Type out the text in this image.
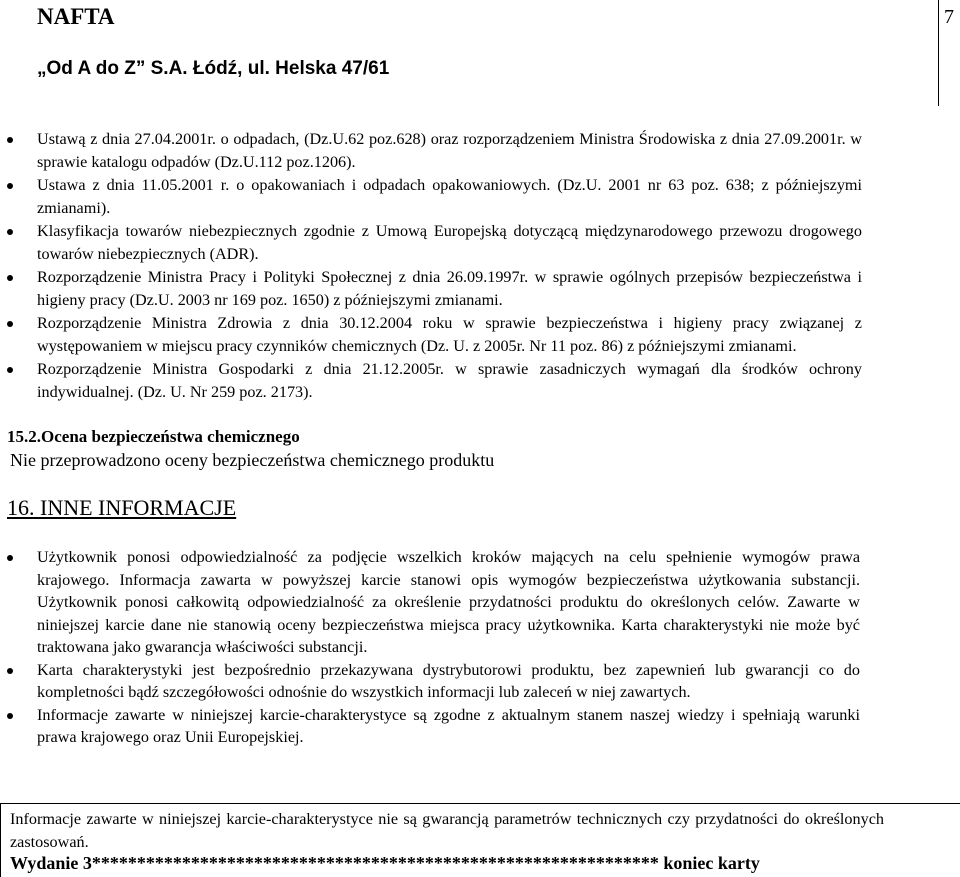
NAFTA
„Od A do Z” S.A. Łódź, ul. Helska 47/61
7
Ustawą z dnia 27.04.2001r. o odpadach, (Dz.U.62 poz.628) oraz rozporządzeniem Ministra Środowiska z dnia 27.09.2001r. w sprawie katalogu odpadów (Dz.U.112 poz.1206).
Ustawa z dnia 11.05.2001 r. o opakowaniach i odpadach opakowaniowych. (Dz.U. 2001 nr 63 poz. 638; z późniejszymi zmianami).
Klasyfikacja towarów niebezpiecznych zgodnie z Umową Europejską dotyczącą międzynarodowego przewozu drogowego towarów niebezpiecznych (ADR).
Rozporządzenie Ministra Pracy i Polityki Społecznej z dnia 26.09.1997r. w sprawie ogólnych przepisów bezpieczeństwa i higieny pracy (Dz.U. 2003 nr 169 poz. 1650) z późniejszymi zmianami.
Rozporządzenie Ministra Zdrowia z dnia 30.12.2004 roku w sprawie bezpieczeństwa i higieny pracy związanej z występowaniem w miejscu pracy czynników chemicznych (Dz. U. z 2005r. Nr 11 poz. 86) z późniejszymi zmianami.
Rozporządzenie Ministra Gospodarki z dnia 21.12.2005r. w sprawie zasadniczych wymagań dla środków ochrony indywidualnej. (Dz. U. Nr 259 poz. 2173).
15.2.Ocena bezpieczeństwa chemicznego
Nie przeprowadzono oceny bezpieczeństwa chemicznego produktu
16. INNE INFORMACJE
Użytkownik ponosi odpowiedzialność za podjęcie wszelkich kroków mających na celu spełnienie wymogów prawa krajowego. Informacja zawarta w powyższej karcie stanowi opis wymogów bezpieczeństwa użytkowania substancji. Użytkownik ponosi całkowitą odpowiedzialność za określenie przydatności produktu do określonych celów. Zawarte w niniejszej karcie dane nie stanowią oceny bezpieczeństwa miejsca pracy użytkownika. Karta charakterystyki nie może być traktowana jako gwarancja właściwości substancji.
Karta charakterystyki jest bezpośrednio przekazywana dystrybutorowi produktu, bez zapewnień lub gwarancji co do kompletności bądź szczegółowości odnośnie do wszystkich informacji lub zaleceń w niej zawartych.
Informacje zawarte w niniejszej karcie-charakterystyce są zgodne z aktualnym stanem naszej wiedzy i spełniają warunki prawa krajowego oraz Unii Europejskiej.
Informacje zawarte w niniejszej karcie-charakterystyce nie są gwarancją parametrów technicznych czy przydatności do określonych zastosowań.
Wydanie 3*************************************************************** koniec karty
